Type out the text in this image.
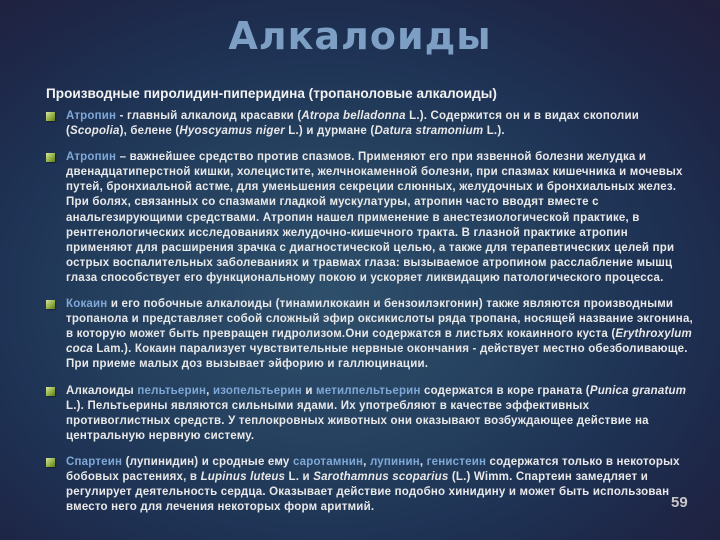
Алкалоиды
Производные пиролидин-пиперидина (тропаноловые алкалоиды)
Атропин - главный алкалоид красавки (Atropa belladonna L.). Содержится он и в видах скополии (Scopolia), белене (Hyoscyamus niger L.) и дурмане (Datura stramonium L.).
Атропин – важнейшее средство против спазмов. Применяют его при язвенной болезни желудка и двенадцатиперстной кишки, холецистите, желчнокаменной болезни, при спазмах кишечника и мочевых путей, бронхиальной астме, для уменьшения секреции слюнных, желудочных и бронхиальных желез. При болях, связанных со спазмами гладкой мускулатуры, атропин часто вводят вместе с анальгезирующими средствами. Атропин нашел применение в анестезиологической практике, в рентгенологических исследованиях желудочно-кишечного тракта. В глазной практике атропин применяют для расширения зрачка с диагностической целью, а также для терапевтических целей при острых воспалительных заболеваниях и травмах глаза: вызываемое атропином расслабление мышц глаза способствует его функциональному покою и ускоряет ликвидацию патологического процесса.
Кокаин и его побочные алкалоиды (тинамилкокаин и бензоилэкгонин) также являются производными тропанола и представляет собой сложный эфир оксикислоты ряда тропана, носящей название экгонина, в которую может быть превращен гидролизом.Они содержатся в листьях кокаинного куста (Erythroxylum coca Lam.). Кокаин парализует чувствительные нервные окончания - действует местно обезболивающе. При приеме малых доз вызывает эйфорию и галлюцинации.
Алкалоиды пельтьерин, изопельтьерин и метилпельтьерин содержатся в коре граната (Punica granatum L.). Пельтьерины являются сильными ядами. Их употребляют в качестве эффективных противоглистных средств. У теплокровных животных они оказывают возбуждающее действие на центральную нервную систему.
Спартеин (лупинидин) и сродные ему саротамнин, лупинин, генистеин содержатся только в некоторых бобовых растениях, в Lupinus luteus L. и Sarothamnus scoparius (L.) Wimm. Спартеин замедляет и регулирует деятельность сердца. Оказывает действие подобно хинидину и может быть использован вместо него для лечения некоторых форм аритмий.	59
